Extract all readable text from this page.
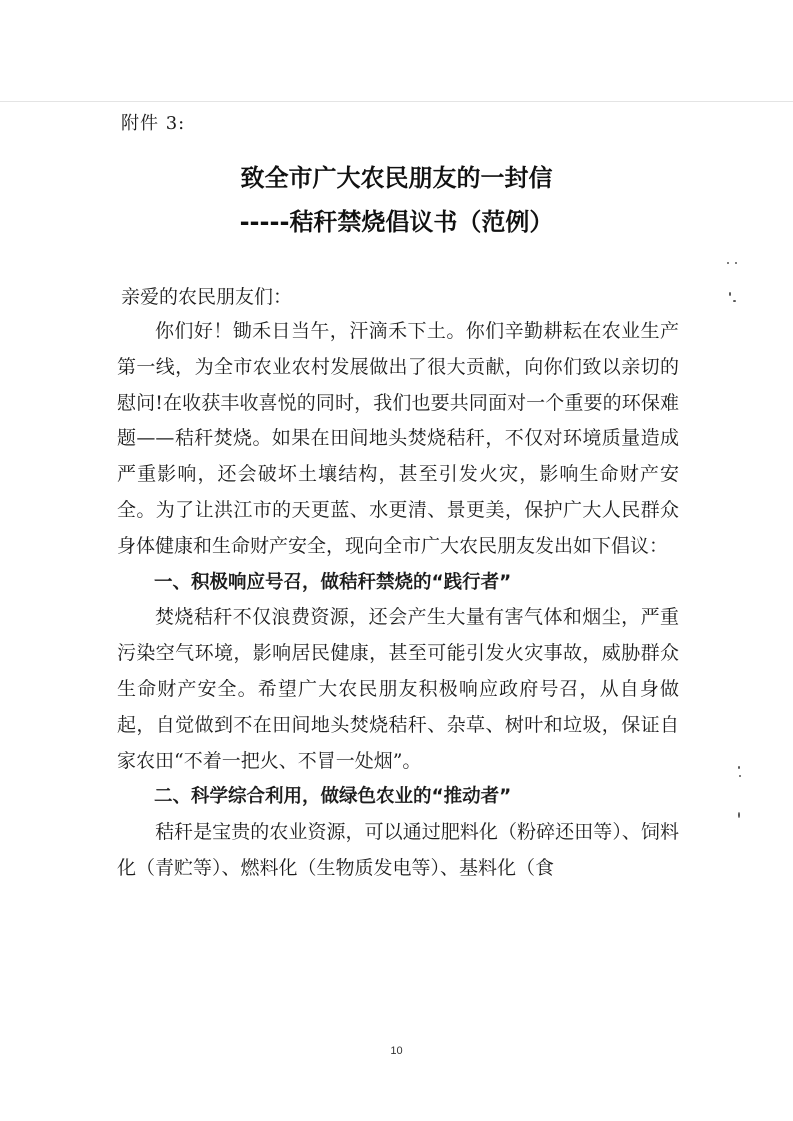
附件 3:
致全市广大农民朋友的一封信
-----秸秆禁烧倡议书（范例）
亲爱的农民朋友们：

你们好！锄禾日当午，汗滴禾下土。你们辛勤耕耘在农业生产第一线，为全市农业农村发展做出了很大贡献，向你们致以亲切的慰问!在收获丰收喜悦的同时，我们也要共同面对一个重要的环保难题——秸秆焚烧。如果在田间地头焚烧秸秆，不仅对环境质量造成严重影响，还会破坏土壤结构，甚至引发火灾，影响生命财产安全。为了让洪江市的天更蓝、水更清、景更美，保护广大人民群众身体健康和生命财产安全，现向全市广大农民朋友发出如下倡议：

一、积极响应号召，做秸秆禁烧的“践行者”

焚烧秸秆不仅浪费资源，还会产生大量有害气体和烟尘，严重污染空气环境，影响居民健康，甚至可能引发火灾事故，威胁群众生命财产安全。希望广大农民朋友积极响应政府号召，从自身做起，自觉做到不在田间地头焚烧秸秆、杂草、树叶和垃圾，保证自家农田“不着一把火、不冒一处烟”。

二、科学综合利用，做绿色农业的“推动者”

秸秆是宝贵的农业资源，可以通过肥料化（粉碎还田等）、饲料化（青贮等）、燃料化（生物质发电等）、基料化（食

10
